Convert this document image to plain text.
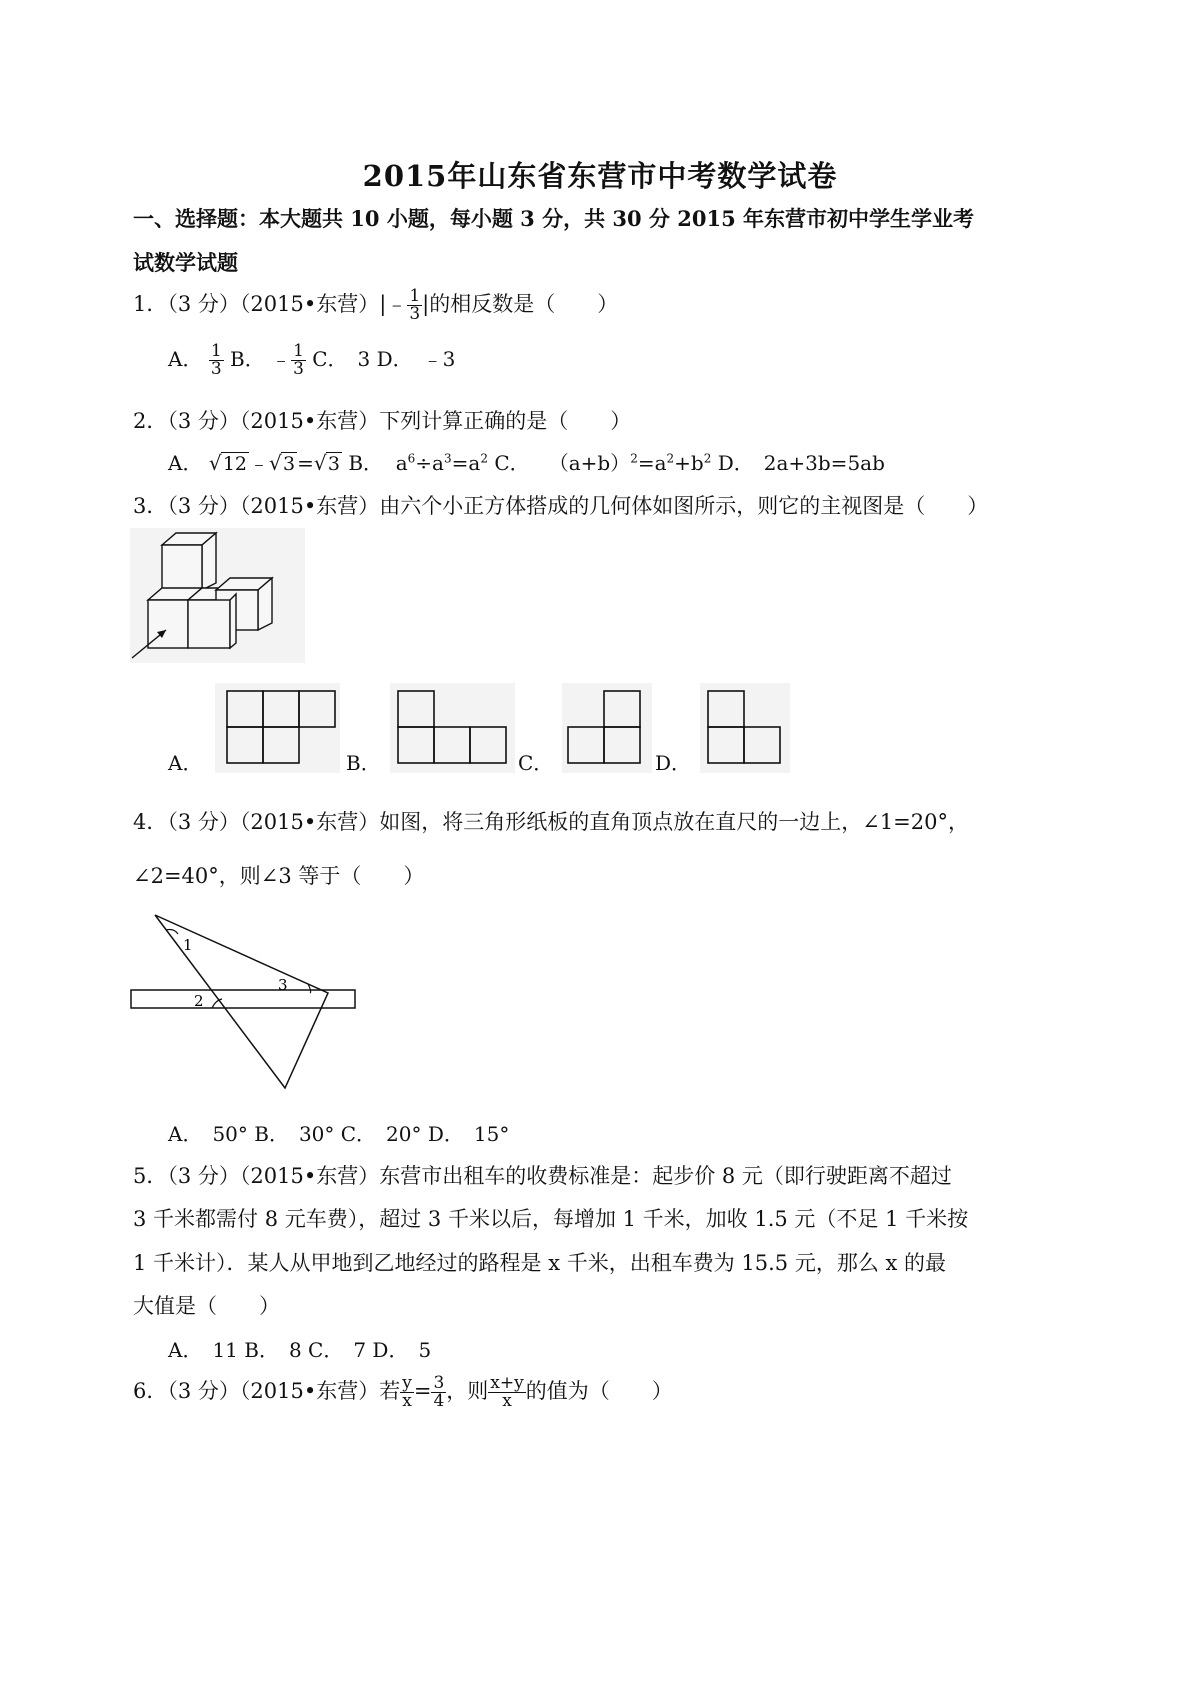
2015年山东省东营市中考数学试卷
一、选择题：本大题共 10 小题，每小题 3 分，共 30 分 2015 年东营市初中学生学业考
试数学试题
1．（3 分）（2015•东营）|﹣ $\frac{1}{3}$ |的相反数是（　　）
A． $\frac{1}{3}$ B． ﹣ $\frac{1}{3}$ C．　3 D．　﹣3
2．（3 分）（2015•东营）下列计算正确的是（　　）
A． √ 12 ﹣ √ 3 = √ 3 B．  $a^6\div a^3=a^2$ C．   $(a+b)^2=a^2+b^2$ D．　2a+3b=5ab
3．（3 分）（2015•东营）由六个小正方体搭成的几何体如图所示，则它的主视图是（　　）
A．	B．	C．	D．
4．（3 分）（2015•东营）如图，将三角形纸板的直角顶点放在直尺的一边上，∠1=20°，
∠2=40°，则∠3 等于（　　）
1
2
3
A．　50° B．　30° C．　20° D．　15°
5．（3 分）（2015•东营）东营市出租车的收费标准是：起步价 8 元（即行驶距离不超过
3 千米都需付 8 元车费），超过 3 千米以后，每增加 1 千米，加收 1.5 元（不足 1 千米按
1 千米计）．某人从甲地到乙地经过的路程是 x 千米，出租车费为 15.5 元，那么 x 的最
大值是（　　）
A．　11 B．　8 C．　7 D．　5
6．（3 分）（2015•东营）若 $\frac{y}{x} = \frac{3}{4}$ ，则 $\frac{x+y}{x}$ 的值为（　　）
